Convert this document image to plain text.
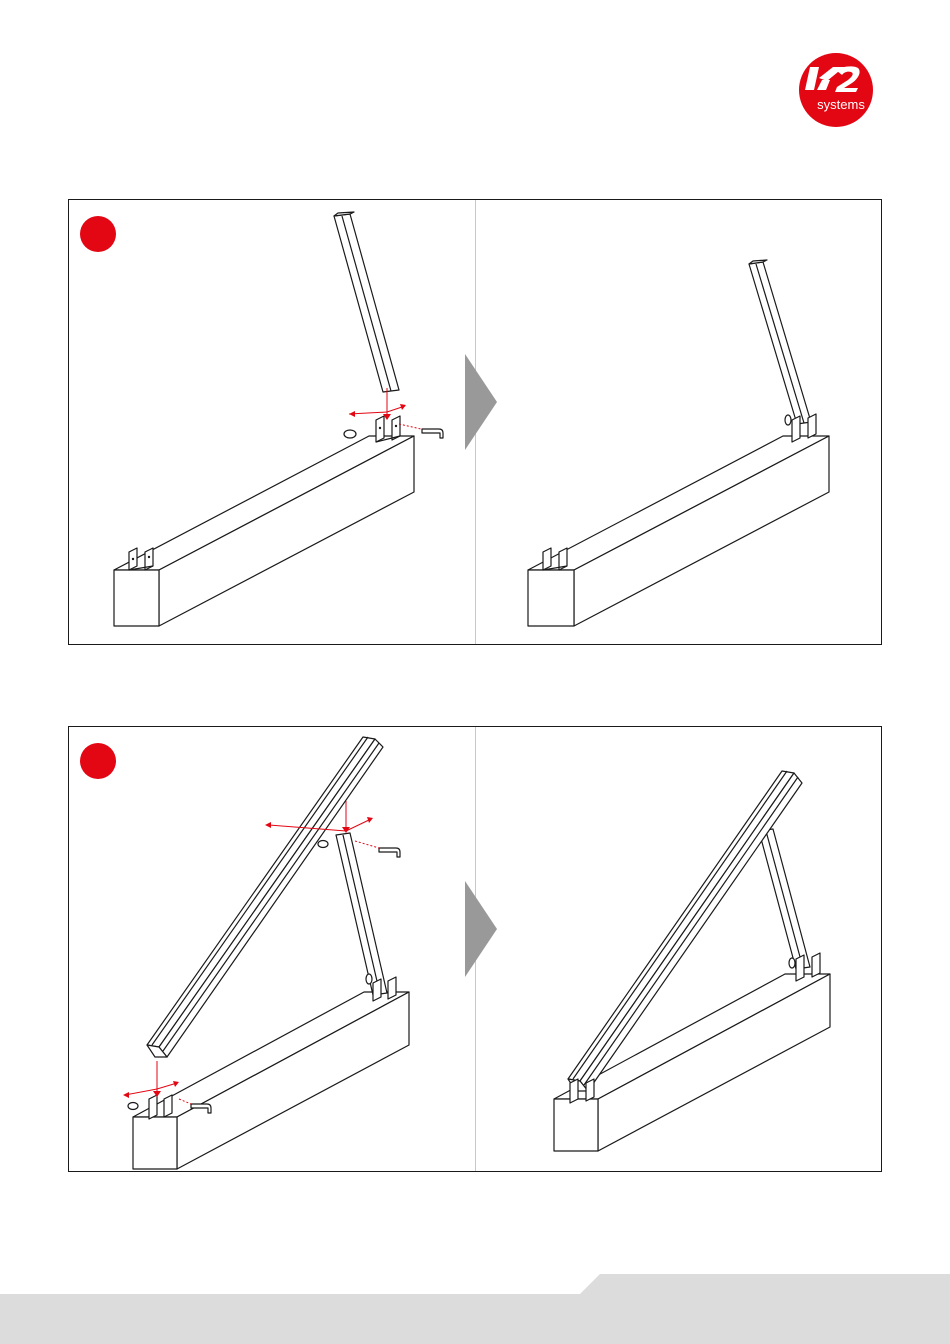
systems
K2
